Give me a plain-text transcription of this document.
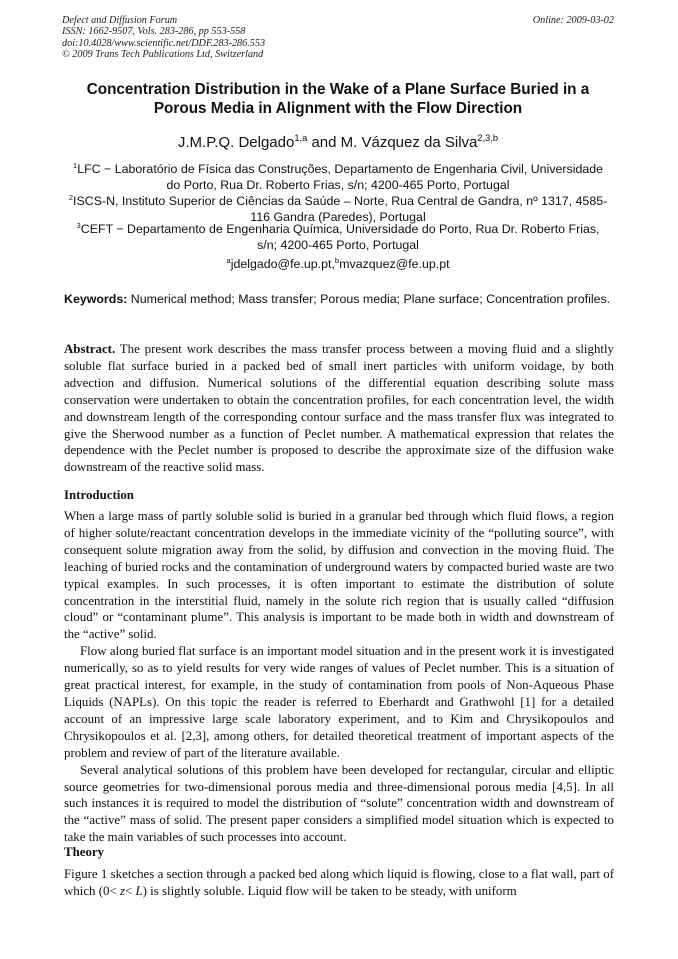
Defect and Diffusion Forum
ISSN: 1662-9507, Vols. 283-286, pp 553-558
doi:10.4028/www.scientific.net/DDF.283-286.553
© 2009 Trans Tech Publications Ltd, Switzerland
Online: 2009-03-02
Concentration Distribution in the Wake of a Plane Surface Buried in a
Porous Media in Alignment with the Flow Direction
J.M.P.Q. Delgado$^{1,a}$ and M. Vázquez da Silva$^{2,3,b}$
$^1$LFC − Laboratório de Física das Construções, Departamento de Engenharia Civil, Universidade
do Porto, Rua Dr. Roberto Frias, s/n; 4200-465 Porto, Portugal
$^2$ISCS-N, Instituto Superior de Ciências da Saúde – Norte, Rua Central de Gandra, nº 1317, 4585-
116 Gandra (Paredes), Portugal
$^3$CEFT − Departamento de Engenharia Química, Universidade do Porto, Rua Dr. Roberto Frias,
s/n; 4200-465 Porto, Portugal
$^a$jdelgado@fe.up.pt,$^b$mvazquez@fe.up.pt
Keywords: Numerical method; Mass transfer; Porous media; Plane surface; Concentration profiles.
Abstract. The present work describes the mass transfer process between a moving fluid and a slightly soluble flat surface buried in a packed bed of small inert particles with uniform voidage, by both advection and diffusion. Numerical solutions of the differential equation describing solute mass conservation were undertaken to obtain the concentration profiles, for each concentration level, the width and downstream length of the corresponding contour surface and the mass transfer flux was integrated to give the Sherwood number as a function of Peclet number. A mathematical expression that relates the dependence with the Peclet number is proposed to describe the approximate size of the diffusion wake downstream of the reactive solid mass.
Introduction
When a large mass of partly soluble solid is buried in a granular bed through which fluid flows, a region of higher solute/reactant concentration develops in the immediate vicinity of the “polluting source”, with consequent solute migration away from the solid, by diffusion and convection in the moving fluid. The leaching of buried rocks and the contamination of underground waters by compacted buried waste are two typical examples. In such processes, it is often important to estimate the distribution of solute concentration in the interstitial fluid, namely in the solute rich region that is usually called “diffusion cloud” or “contaminant plume”. This analysis is important to be made both in width and downstream of the “active” solid.
Flow along buried flat surface is an important model situation and in the present work it is investigated numerically, so as to yield results for very wide ranges of values of Peclet number. This is a situation of great practical interest, for example, in the study of contamination from pools of Non-Aqueous Phase Liquids (NAPLs). On this topic the reader is referred to Eberhardt and Grathwohl [1] for a detailed account of an impressive large scale laboratory experiment, and to Kim and Chrysikopoulos and Chrysikopoulos et al. [2,3], among others, for detailed theoretical treatment of important aspects of the problem and review of part of the literature available.
Several analytical solutions of this problem have been developed for rectangular, circular and elliptic source geometries for two-dimensional porous media and three-dimensional porous media [4,5]. In all such instances it is required to model the distribution of “solute” concentration width and downstream of the “active” mass of solid. The present paper considers a simplified model situation which is expected to take the main variables of such processes into account.
Theory
Figure 1 sketches a section through a packed bed along which liquid is flowing, close to a flat wall, part of which (0< z< L) is slightly soluble. Liquid flow will be taken to be steady, with uniform
